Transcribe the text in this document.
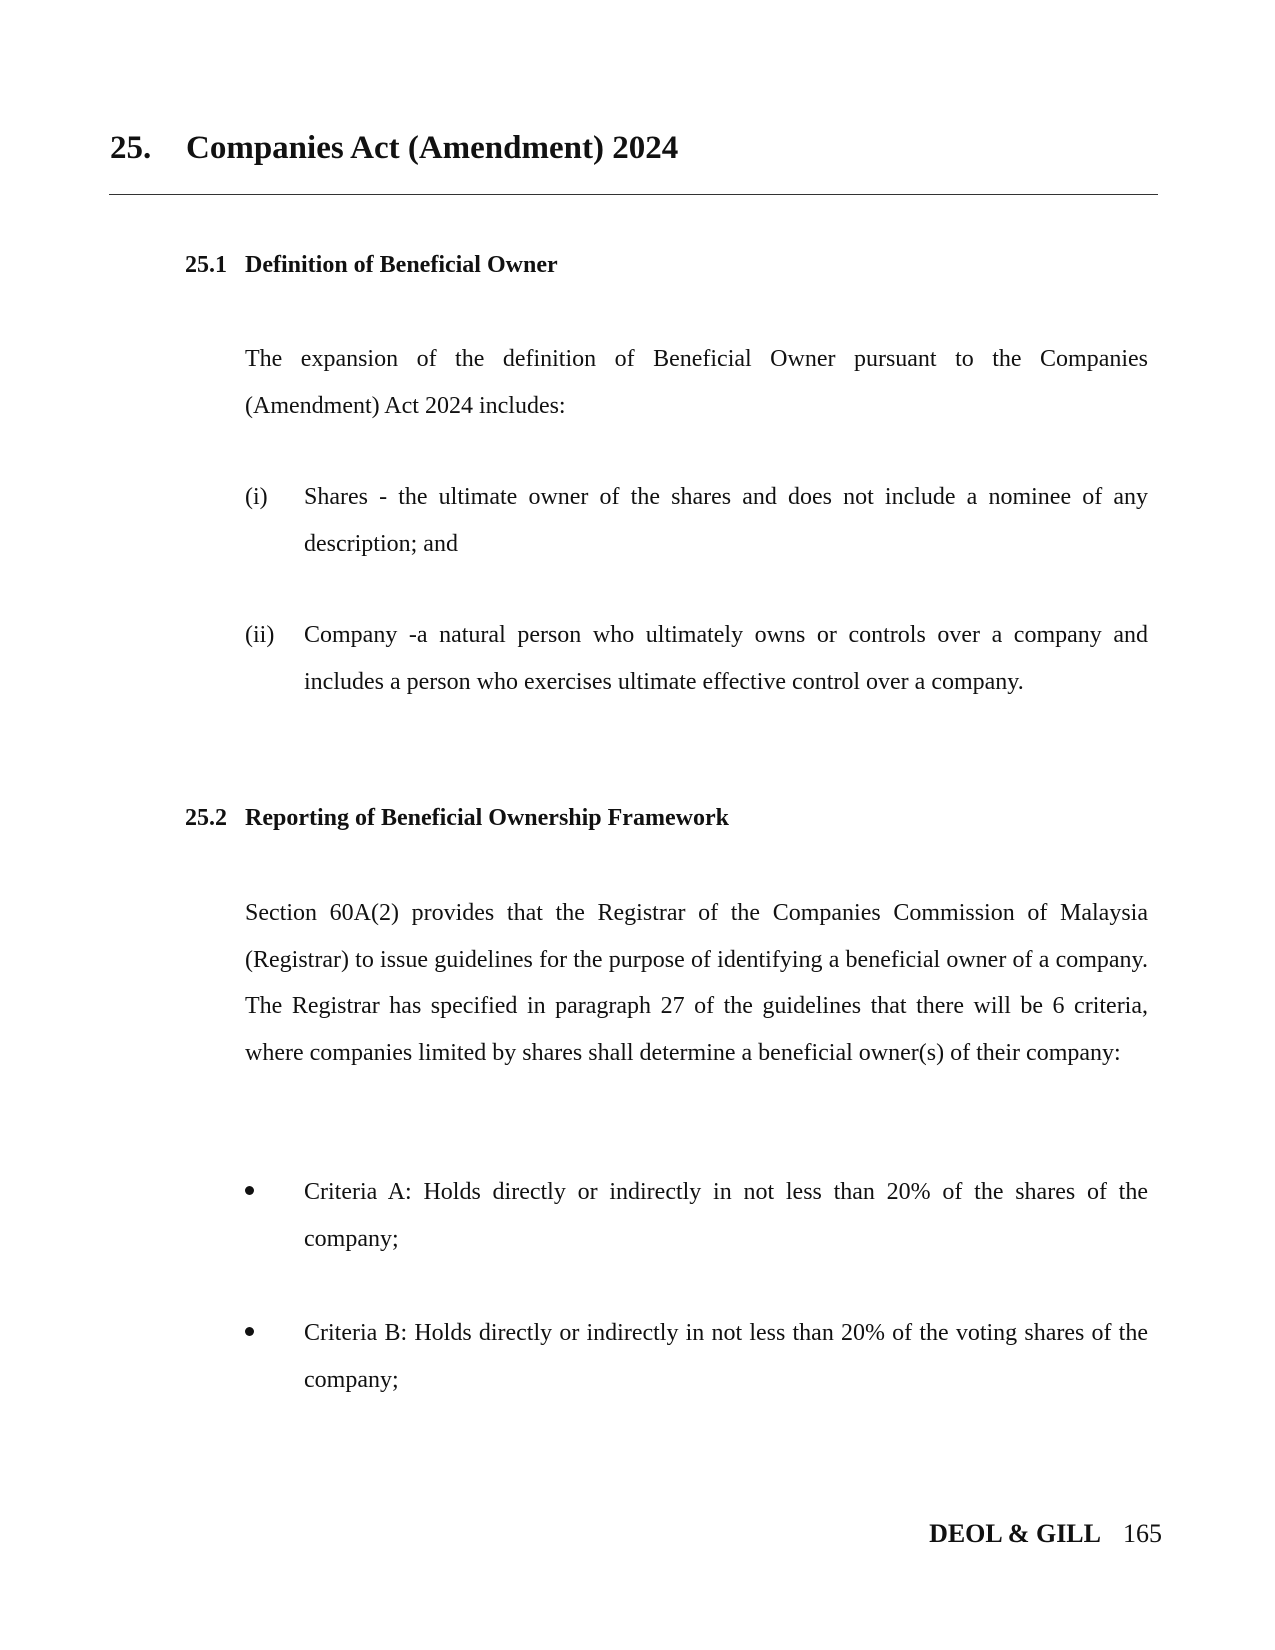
25. Companies Act (Amendment) 2024
25.1 Definition of Beneficial Owner

The expansion of the definition of Beneficial Owner pursuant to the Companies (Amendment) Act 2024 includes:

(i)	Shares - the ultimate owner of the shares and does not include a nominee of any description; and
(ii)	Company -a natural person who ultimately owns or controls over a company and includes a person who exercises ultimate effective control over a company.
25.2 Reporting of Beneficial Ownership Framework

Section 60A(2) provides that the Registrar of the Companies Commission of Malaysia (Registrar) to issue guidelines for the purpose of identifying a beneficial owner of a company. The Registrar has specified in paragraph 27 of the guidelines that there will be 6 criteria, where companies limited by shares shall determine a beneficial owner(s) of their company:

Criteria A: Holds directly or indirectly in not less than 20% of the shares of the company;
Criteria B: Holds directly or indirectly in not less than 20% of the voting shares of the company;
DEOL & GILL 165
